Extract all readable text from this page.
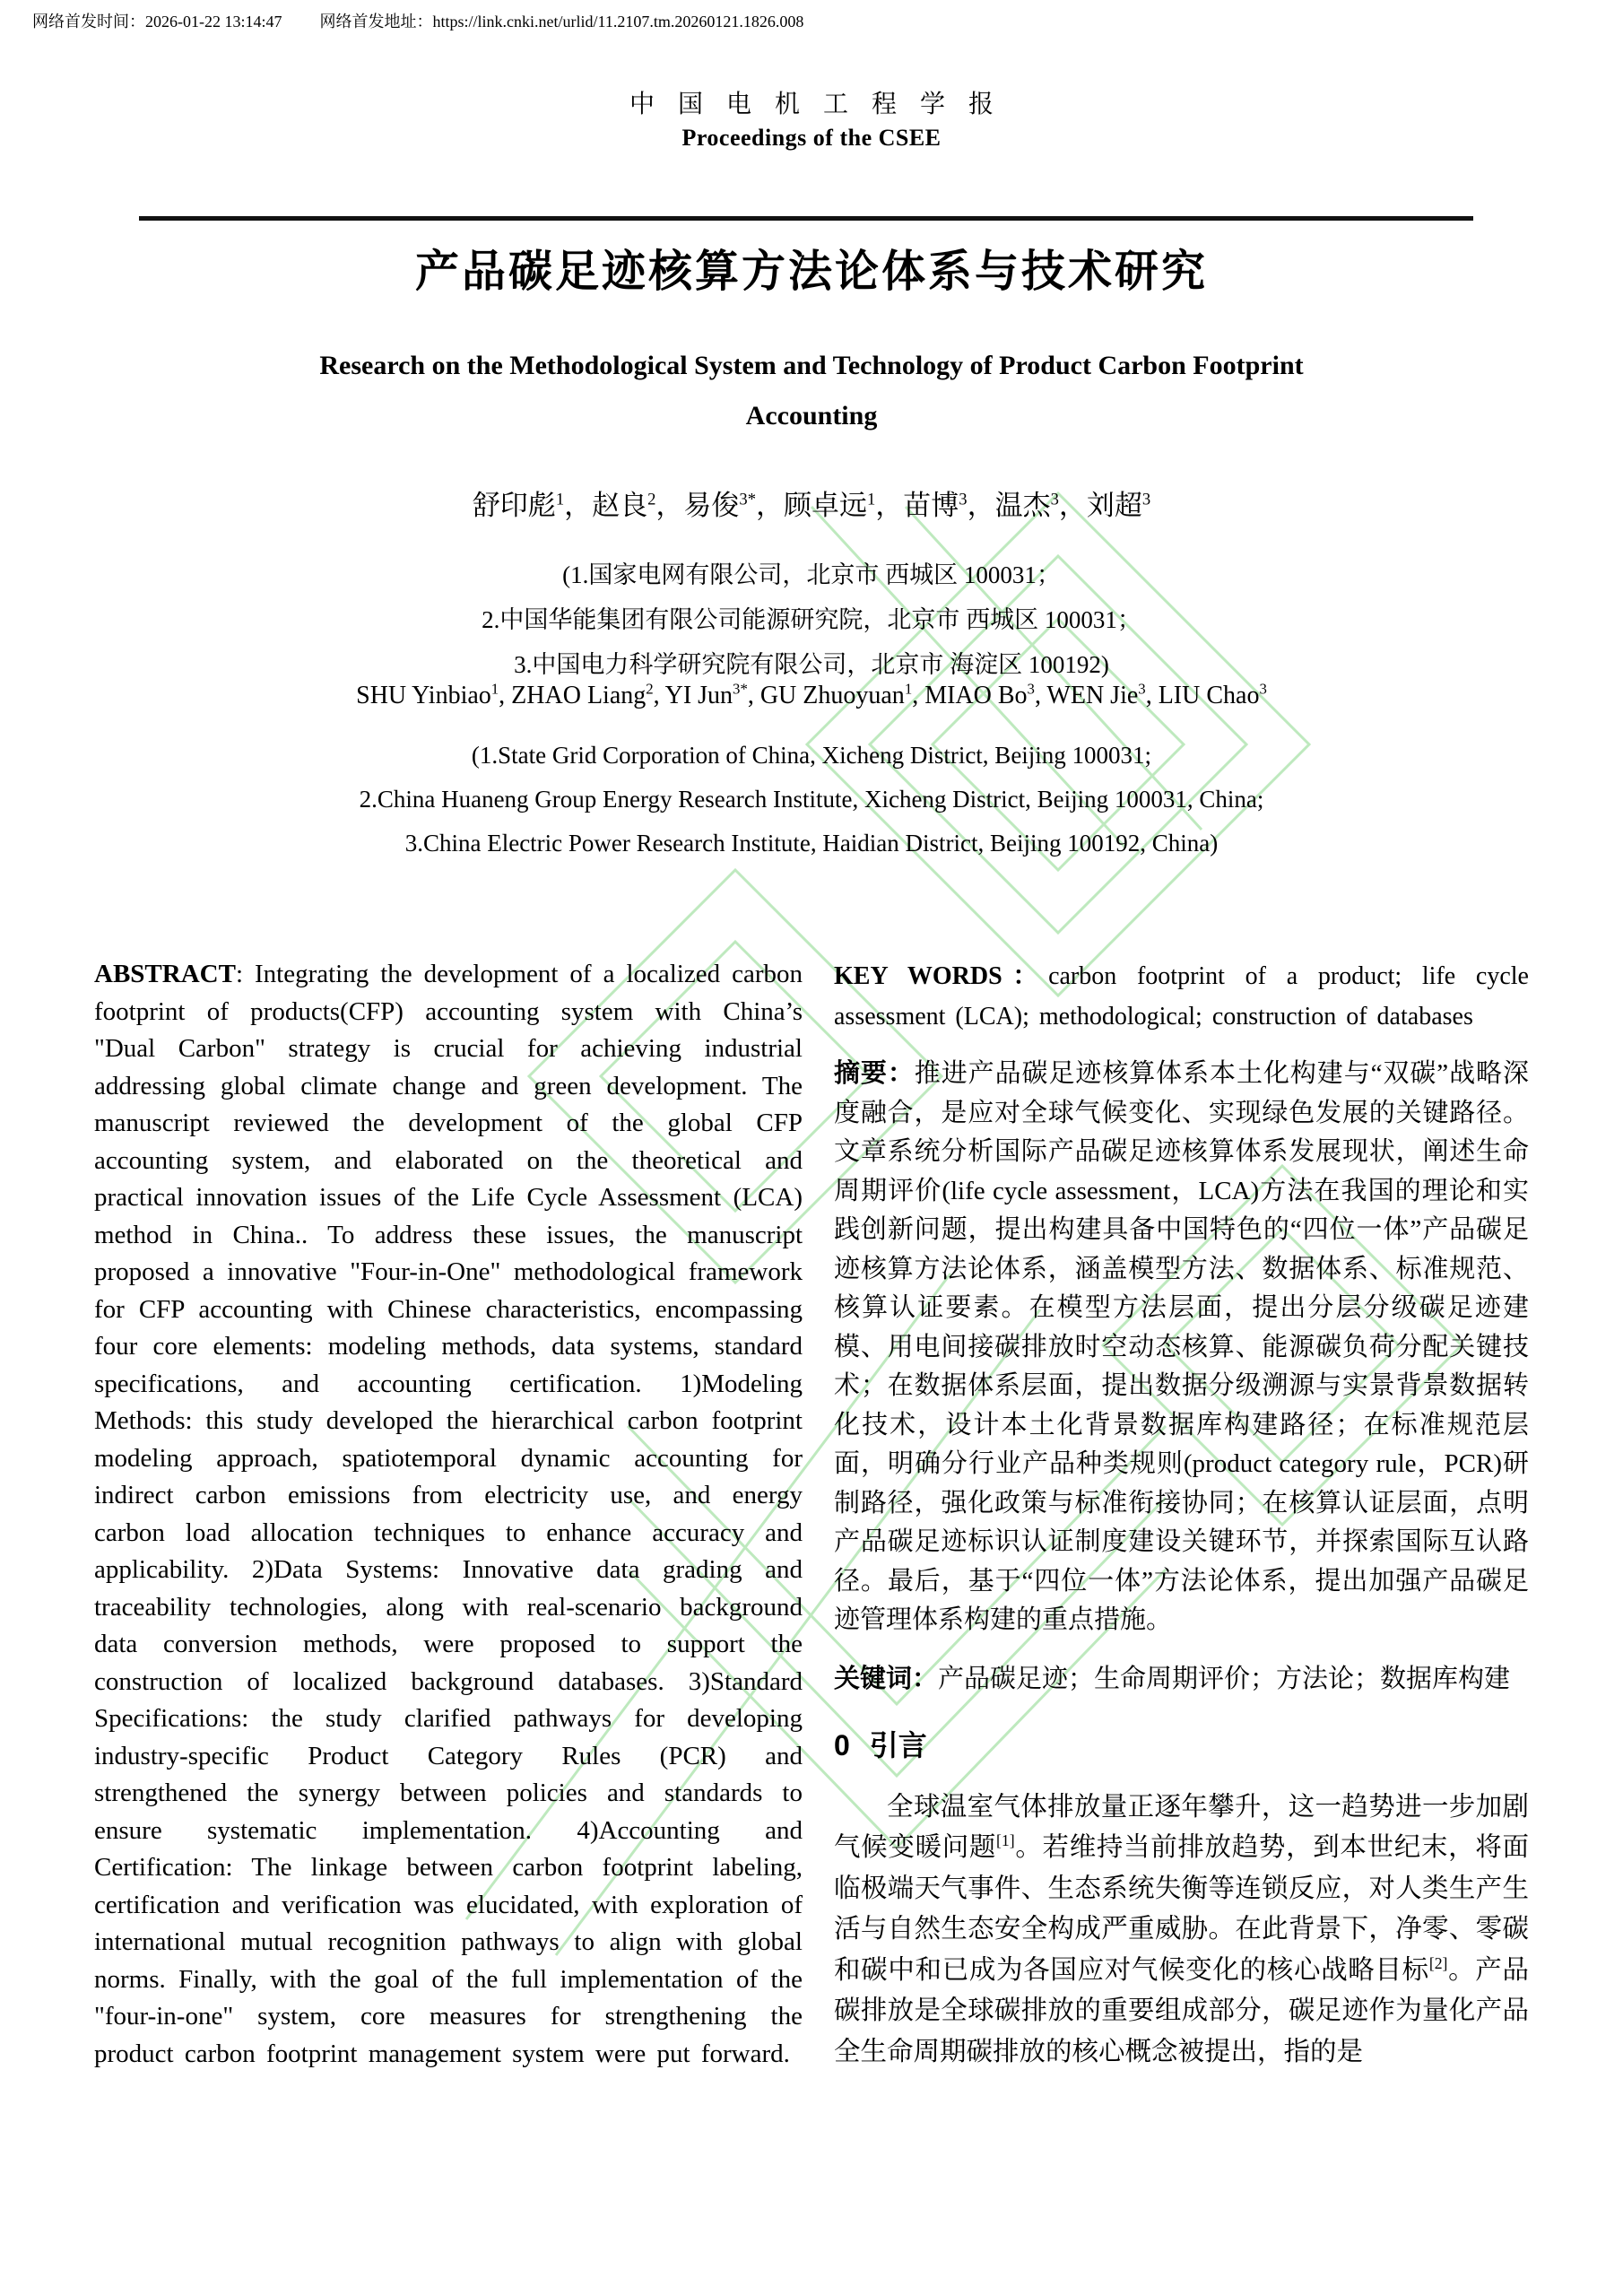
网络首发时间：2026-01-22 13:14:47 网络首发地址：https://link.cnki.net/urlid/11.2107.tm.20260121.1826.008
中国电机工程学报
Proceedings of the CSEE
产品碳足迹核算方法论体系与技术研究
Research on the Methodological System and Technology of Product Carbon Footprint
Accounting
舒印彪$^1$，赵良$^2$，易俊$^{3*}$，顾卓远$^1$，苗博$^3$，温杰$^3$，刘超$^3$
(1.国家电网有限公司，北京市 西城区 100031；
2.中国华能集团有限公司能源研究院，北京市 西城区 100031；
3.中国电力科学研究院有限公司，北京市 海淀区 100192)
SHU Yinbiao$^1$, ZHAO Liang$^2$, YI Jun$^{3*}$, GU Zhuoyuan$^1$, MIAO Bo$^3$, WEN Jie$^3$, LIU Chao$^3$
(1.State Grid Corporation of China, Xicheng District, Beijing 100031;
2.China Huaneng Group Energy Research Institute, Xicheng District, Beijing 100031, China;
3.China Electric Power Research Institute, Haidian District, Beijing 100192, China)

ABSTRACT: Integrating the development of a localized carbon footprint of products(CFP) accounting system with China’s "Dual Carbon" strategy is crucial for achieving industrial addressing global climate change and green development. The manuscript reviewed the development of the global CFP accounting system, and elaborated on the theoretical and practical innovation issues of the Life Cycle Assessment (LCA) method in China.. To address these issues, the manuscript proposed a innovative "Four-in-One" methodological framework for CFP accounting with Chinese characteristics, encompassing four core elements: modeling methods, data systems, standard specifications, and accounting certification. 1)Modeling Methods: this study developed the hierarchical carbon footprint modeling approach, spatiotemporal dynamic accounting for indirect carbon emissions from electricity use, and energy carbon load allocation techniques to enhance accuracy and applicability. 2)Data Systems: Innovative data grading and traceability technologies, along with real-scenario background data conversion methods, were proposed to support the construction of localized background databases. 3)Standard Specifications: the study clarified pathways for developing industry-specific Product Category Rules (PCR) and strengthened the synergy between policies and standards to ensure systematic implementation. 4)Accounting and Certification: The linkage between carbon footprint labeling, certification and verification was elucidated, with exploration of international mutual recognition pathways to align with global norms. Finally, with the goal of the full implementation of the "four-in-one" system, core measures for strengthening the product carbon footprint management system were put forward.

KEY WORDS：carbon footprint of a product; life cycle assessment (LCA); methodological; construction of databases

摘要：推进产品碳足迹核算体系本土化构建与“双碳”战略深度融合，是应对全球气候变化、实现绿色发展的关键路径。文章系统分析国际产品碳足迹核算体系发展现状，阐述生命周期评价(life cycle assessment，LCA)方法在我国的理论和实践创新问题，提出构建具备中国特色的“四位一体”产品碳足迹核算方法论体系，涵盖模型方法、数据体系、标准规范、核算认证要素。在模型方法层面，提出分层分级碳足迹建模、用电间接碳排放时空动态核算、能源碳负荷分配关键技术；在数据体系层面，提出数据分级溯源与实景背景数据转化技术，设计本土化背景数据库构建路径；在标准规范层面，明确分行业产品种类规则(product category rule，PCR)研制路径，强化政策与标准衔接协同；在核算认证层面，点明产品碳足迹标识认证制度建设关键环节，并探索国际互认路径。最后，基于“四位一体”方法论体系，提出加强产品碳足迹管理体系构建的重点措施。

关键词：产品碳足迹；生命周期评价；方法论；数据库构建

0 引言

全球温室气体排放量正逐年攀升，这一趋势进一步加剧气候变暖问题[1]。若维持当前排放趋势，到本世纪末，将面临极端天气事件、生态系统失衡等连锁反应，对人类生产生活与自然生态安全构成严重威胁。在此背景下，净零、零碳和碳中和已成为各国应对气候变化的核心战略目标[2]。产品碳排放是全球碳排放的重要组成部分，碳足迹作为量化产品全生命周期碳排放的核心概念被提出，指的是
